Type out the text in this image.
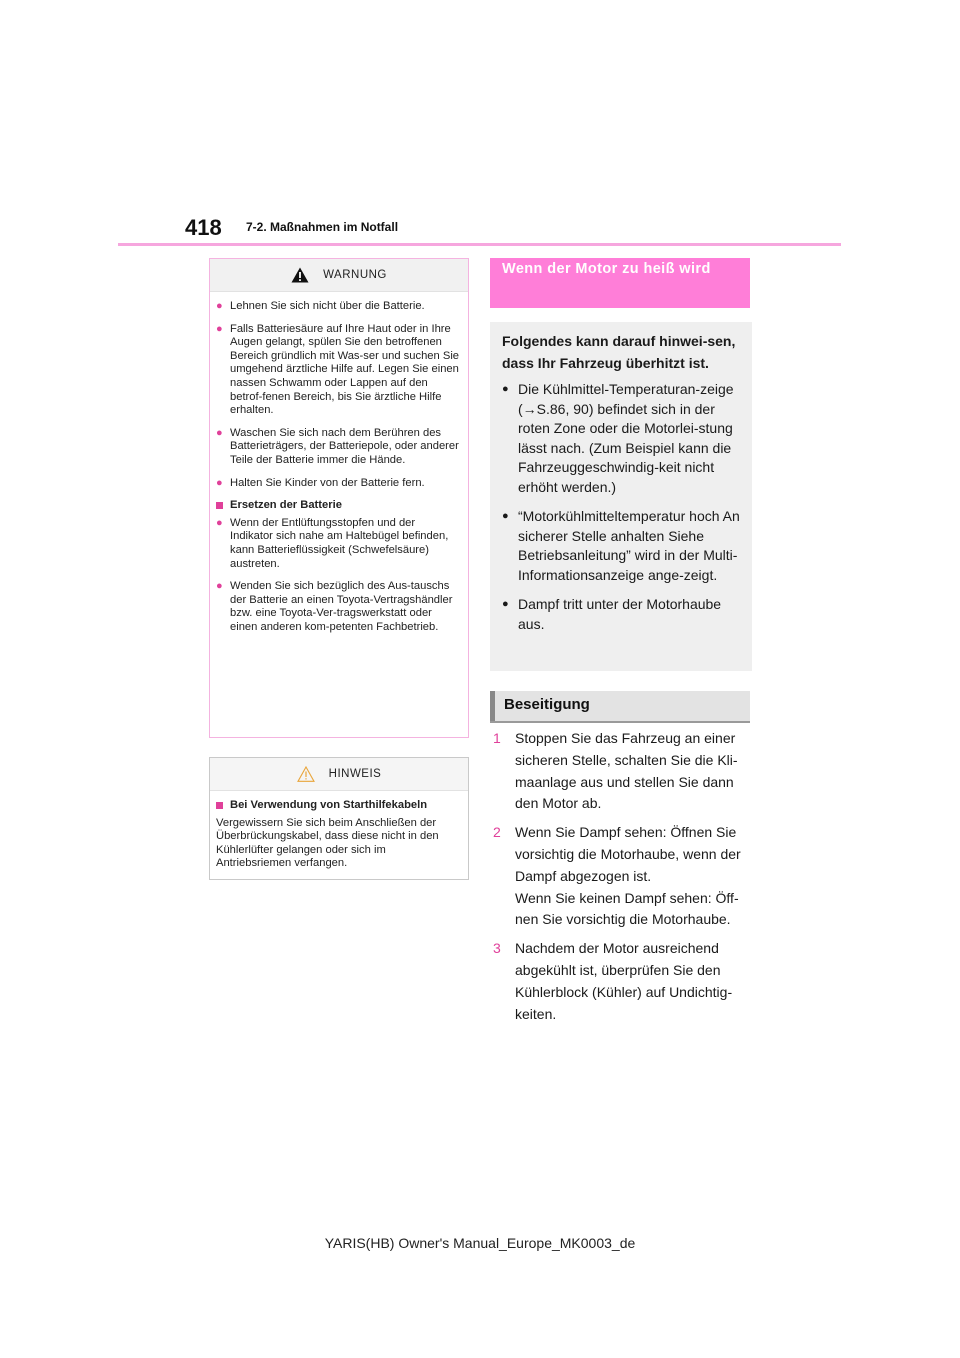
418 7-2. Maßnahmen im Notfall
WARNUNG
● Lehnen Sie sich nicht über die Batterie.
● Falls Batteriesäure auf Ihre Haut oder in Ihre Augen gelangt, spülen Sie den betroffenen Bereich gründlich mit Was-ser und suchen Sie umgehend ärztliche Hilfe auf. Legen Sie einen nassen Schwamm oder Lappen auf den betrof-fenen Bereich, bis Sie ärztliche Hilfe erhalten.
● Waschen Sie sich nach dem Berühren des Batterieträgers, der Batteriepole, oder anderer Teile der Batterie immer die Hände.
● Halten Sie Kinder von der Batterie fern.
Ersetzen der Batterie
● Wenn der Entlüftungsstopfen und der Indikator sich nahe am Haltebügel befinden, kann Batterieflüssigkeit (Schwefelsäure) austreten.
● Wenden Sie sich bezüglich des Aus-tauschs der Batterie an einen Toyota-Vertragshändler bzw. eine Toyota-Ver-tragswerkstatt oder einen anderen kom-petenten Fachbetrieb.
HINWEIS
Bei Verwendung von Starthilfekabeln
Vergewissern Sie sich beim Anschließen der Überbrückungskabel, dass diese nicht in den Kühlerlüfter gelangen oder sich im Antriebsriemen verfangen.
Wenn der Motor zu heiß wird
Folgendes kann darauf hinwei-sen, dass Ihr Fahrzeug überhitzt ist.
● Die Kühlmittel-Temperaturan-zeige (→S.86, 90) befindet sich in der roten Zone oder die Motorlei-stung lässt nach. (Zum Beispiel kann die Fahrzeuggeschwindig-keit nicht erhöht werden.)
● “Motorkühlmitteltemperatur hoch An sicherer Stelle anhalten Siehe Betriebsanleitung” wird in der Multi-Informationsanzeige ange-zeigt.
● Dampf tritt unter der Motorhaube aus.
Beseitigung
1	Stoppen Sie das Fahrzeug an einer sicheren Stelle, schalten Sie die Kli-maanlage aus und stellen Sie dann den Motor ab.
2	Wenn Sie Dampf sehen: Öffnen Sie vorsichtig die Motorhaube, wenn der Dampf abgezogen ist.
Wenn Sie keinen Dampf sehen: Öff-nen Sie vorsichtig die Motorhaube.
3	Nachdem der Motor ausreichend abgekühlt ist, überprüfen Sie den Kühlerblock (Kühler) auf Undichtig-keiten.
YARIS(HB) Owner's Manual_Europe_MK0003_de
